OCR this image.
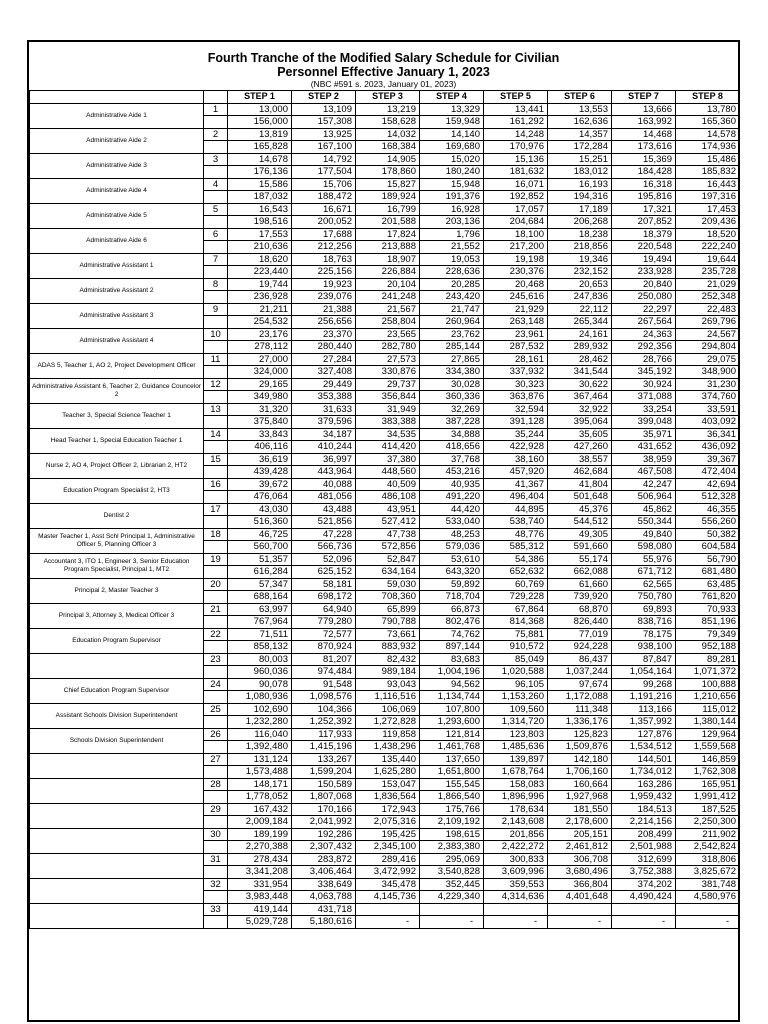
Fourth Tranche of the Modified Salary Schedule for Civilian
Personnel Effective January 1, 2023
(NBC #591 s. 2023, January 01, 2023)
		STEP 1	STEP 2	STEP 3	STEP 4	STEP 5	STEP 6	STEP 7	STEP 8
Administrative Aide 1	1	13,000	13,109	13,219	13,329	13,441	13,553	13,666	13,780
		156,000	157,308	158,628	159,948	161,292	162,636	163,992	165,360
Administrative Aide 2	2	13,819	13,925	14,032	14,140	14,248	14,357	14,468	14,578
		165,828	167,100	168,384	169,680	170,976	172,284	173,616	174,936
Administrative Aide 3	3	14,678	14,792	14,905	15,020	15,136	15,251	15,369	15,486
		176,136	177,504	178,860	180,240	181,632	183,012	184,428	185,832
Administrative Aide 4	4	15,586	15,706	15,827	15,948	16,071	16,193	16,318	16,443
		187,032	188,472	189,924	191,376	192,852	194,316	195,816	197,316
Administrative Aide 5	5	16,543	16,671	16,799	16,928	17,057	17,189	17,321	17,453
		198,516	200,052	201,588	203,136	204,684	206,268	207,852	209,436
Administrative Aide 6	6	17,553	17,688	17,824	1,796	18,100	18,238	18,379	18,520
		210,636	212,256	213,888	21,552	217,200	218,856	220,548	222,240
Administrative Assistant 1	7	18,620	18,763	18,907	19,053	19,198	19,346	19,494	19,644
		223,440	225,156	226,884	228,636	230,376	232,152	233,928	235,728
Administrative Assistant 2	8	19,744	19,923	20,104	20,285	20,468	20,653	20,840	21,029
		236,928	239,076	241,248	243,420	245,616	247,836	250,080	252,348
Administrative Assistant 3	9	21,211	21,388	21,567	21,747	21,929	22,112	22,297	22,483
		254,532	256,656	258,804	260,964	263,148	265,344	267,564	269,796
Administrative Assistant 4	10	23,176	23,370	23,565	23,762	23,961	24,161	24,363	24,567
		278,112	280,440	282,780	285,144	287,532	289,932	292,356	294,804
ADAS 5, Teacher 1, AO 2, Project Development Officer	11	27,000	27,284	27,573	27,865	28,161	28,462	28,766	29,075
		324,000	327,408	330,876	334,380	337,932	341,544	345,192	348,900
Administrative Assistant 6, Teacher 2, Guidance Councelor 2	12	29,165	29,449	29,737	30,028	30,323	30,622	30,924	31,230
		349,980	353,388	356,844	360,336	363,876	367,464	371,088	374,760
Teacher 3, Special Science Teacher 1	13	31,320	31,633	31,949	32,269	32,594	32,922	33,254	33,591
		375,840	379,596	383,388	387,228	391,128	395,064	399,048	403,092
Head Teacher 1, Special Education Teacher 1	14	33,843	34,187	34,535	34,888	35,244	35,605	35,971	36,341
		406,116	410,244	414,420	418,656	422,928	427,260	431,652	436,092
Nurse 2, AO 4, Project Officer 2, Librarian 2, HT2	15	36,619	36,997	37,380	37,768	38,160	38,557	38,959	39,367
		439,428	443,964	448,560	453,216	457,920	462,684	467,508	472,404
Education Program Specialist 2, HT3	16	39,672	40,088	40,509	40,935	41,367	41,804	42,247	42,694
		476,064	481,056	486,108	491,220	496,404	501,648	506,964	512,328
Dentist 2	17	43,030	43,488	43,951	44,420	44,895	45,376	45,862	46,355
		516,360	521,856	527,412	533,040	538,740	544,512	550,344	556,260
Master Teacher 1, Asst Schl Principal 1, Administrative Officer 5, Planning Officer 3	18	46,725	47,228	47,738	48,253	48,776	49,305	49,840	50,382
		560,700	566,736	572,856	579,036	585,312	591,660	598,080	604,584
Accountant 3, ITO 1, Engineer 3, Senior Education Program Specialist, Principal 1, MT2	19	51,357	52,096	52,847	53,610	54,386	55,174	55,976	56,790
		616,284	625,152	634,164	643,320	652,632	662,088	671,712	681,480
Principal 2, Master Teacher 3	20	57,347	58,181	59,030	59,892	60,769	61,660	62,565	63,485
		688,164	698,172	708,360	718,704	729,228	739,920	750,780	761,820
Principal 3, Attorney 3, Medical Officer 3	21	63,997	64,940	65,899	66,873	67,864	68,870	69,893	70,933
		767,964	779,280	790,788	802,476	814,368	826,440	838,716	851,196
Education Program Supervisor	22	71,511	72,577	73,661	74,762	75,881	77,019	78,175	79,349
		858,132	870,924	883,932	897,144	910,572	924,228	938,100	952,188
	23	80,003	81,207	82,432	83,683	85,049	86,437	87,847	89,281
		960,036	974,484	989,184	1,004,196	1,020,588	1,037,244	1,054,164	1,071,372
Chief Education Program Supervisor	24	90,078	91,548	93,043	94,562	96,105	97,674	99,268	100,888
		1,080,936	1,098,576	1,116,516	1,134,744	1,153,260	1,172,088	1,191,216	1,210,656
Assistant Schools Division Superintendent	25	102,690	104,366	106,069	107,800	109,560	111,348	113,166	115,012
		1,232,280	1,252,392	1,272,828	1,293,600	1,314,720	1,336,176	1,357,992	1,380,144
Schools Division Superintendent	26	116,040	117,933	119,858	121,814	123,803	125,823	127,876	129,964
		1,392,480	1,415,196	1,438,296	1,461,768	1,485,636	1,509,876	1,534,512	1,559,568
	27	131,124	133,267	135,440	137,650	139,897	142,180	144,501	146,859
		1,573,488	1,599,204	1,625,280	1,651,800	1,678,764	1,706,160	1,734,012	1,762,308
	28	148,171	150,589	153,047	155,545	158,083	160,664	163,286	165,951
		1,778,052	1,807,068	1,836,564	1,866,540	1,896,996	1,927,968	1,959,432	1,991,412
	29	167,432	170,166	172,943	175,766	178,634	181,550	184,513	187,525
		2,009,184	2,041,992	2,075,316	2,109,192	2,143,608	2,178,600	2,214,156	2,250,300
	30	189,199	192,286	195,425	198,615	201,856	205,151	208,499	211,902
		2,270,388	2,307,432	2,345,100	2,383,380	2,422,272	2,461,812	2,501,988	2,542,824
	31	278,434	283,872	289,416	295,069	300,833	306,708	312,699	318,806
		3,341,208	3,406,464	3,472,992	3,540,828	3,609,996	3,680,496	3,752,388	3,825,672
	32	331,954	338,649	345,478	352,445	359,553	366,804	374,202	381,748
		3,983,448	4,063,788	4,145,736	4,229,340	4,314,636	4,401,648	4,490,424	4,580,976
	33	419,144	431,718						
		5,029,728	5,180,616	-	-	-	-	-	-
